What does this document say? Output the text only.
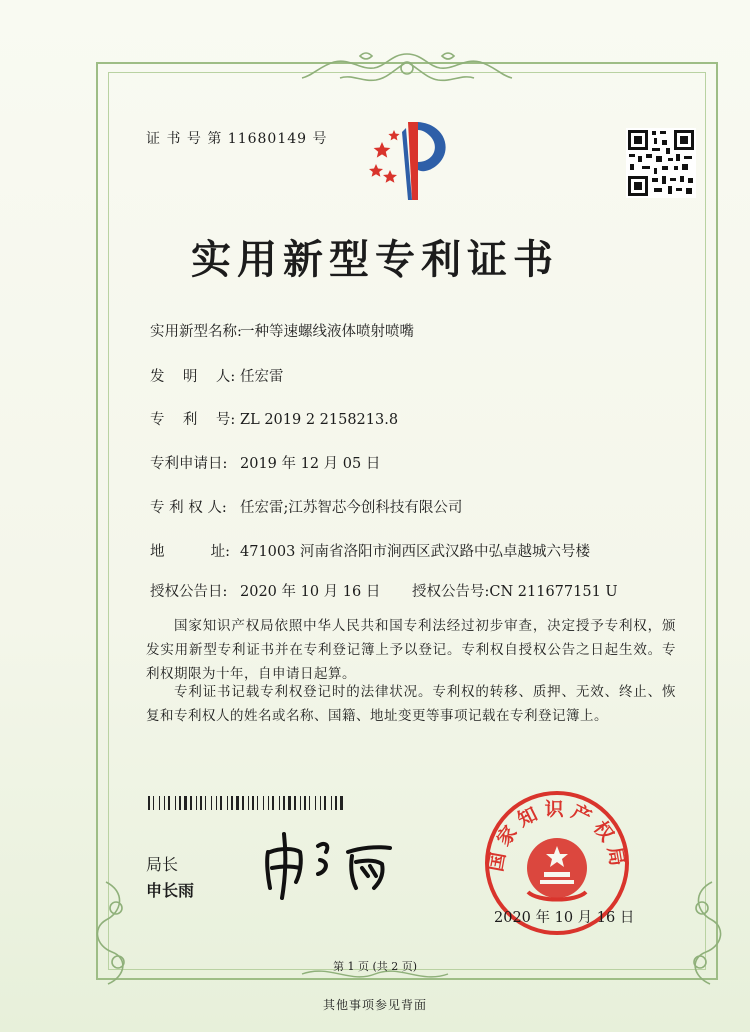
证 书 号 第 11680149 号
实用新型专利证书
实用新型名称:一种等速螺线液体喷射喷嘴
发    明    人: 任宏雷
专    利    号: ZL 2019 2 2158213.8
专利申请日: 2019 年 12 月 05 日
专 利 权 人: 任宏雷;江苏智芯今创科技有限公司
地          址: 471003 河南省洛阳市涧西区武汉路中弘卓越城六号楼
授权公告日: 2020 年 10 月 16 日 授权公告号:CN 211677151 U
国家知识产权局依照中华人民共和国专利法经过初步审查，决定授予专利权，颁发实用新型专利证书并在专利登记簿上予以登记。专利权自授权公告之日起生效。专利权期限为十年，自申请日起算。
专利证书记载专利权登记时的法律状况。专利权的转移、质押、无效、终止、恢复和专利权人的姓名或名称、国籍、地址变更等事项记载在专利登记簿上。
局长
申长雨
国家知识产权局
2020 年 10 月 16 日
第 1 页 (共 2 页)
其他事项参见背面
